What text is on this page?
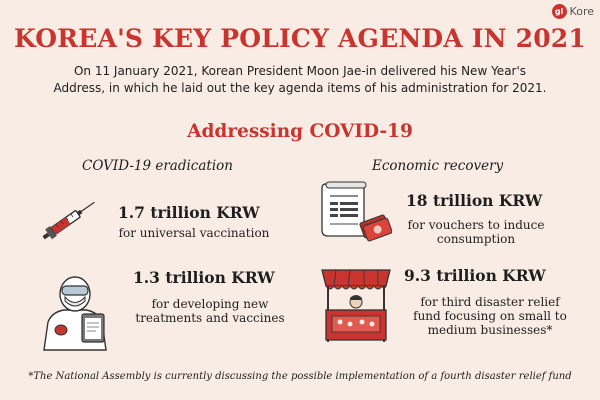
gl Kore
KOREA'S KEY POLICY AGENDA IN 2021
On 11 January 2021, Korean President Moon Jae-in delivered his New Year's
Address, in which he laid out the key agenda items of his administration for 2021.
Addressing COVID-19
COVID-19 eradication	Economic recovery
1.7 trillion KRW
for universal vaccination
1.3 trillion KRW
for developing new
treatments and vaccines
18 trillion KRW
for vouchers to induce
consumption
9.3 trillion KRW
for third disaster relief
fund focusing on small to
medium businesses*
*The National Assembly is currently discussing the possible implementation of a fourth disaster relief fund
